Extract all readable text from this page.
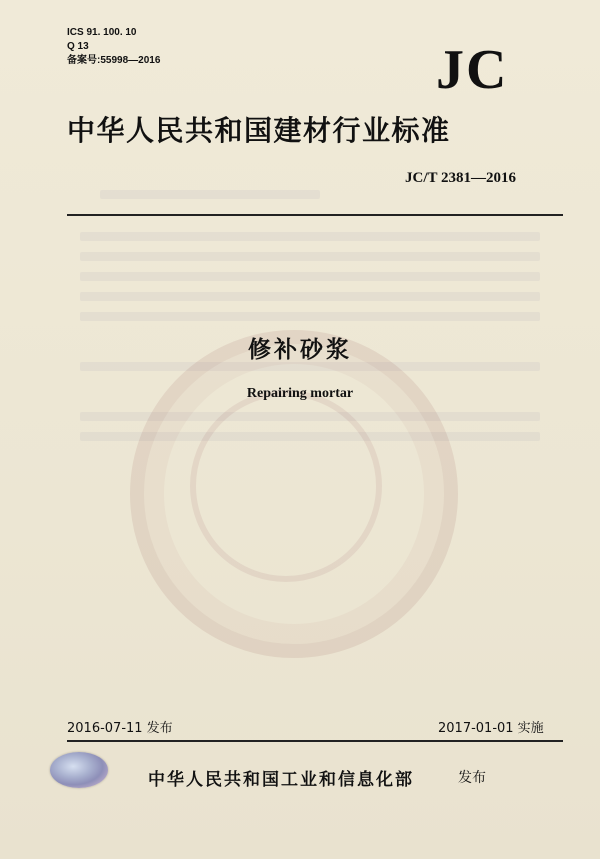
ICS 91. 100. 10
Q 13
备案号:55998—2016	JC
中华人民共和国建材行业标准
JC/T 2381—2016
修补砂浆
Repairing mortar
2016-07-11 发布	2017-01-01 实施
中华人民共和国工业和信息化部	发布
